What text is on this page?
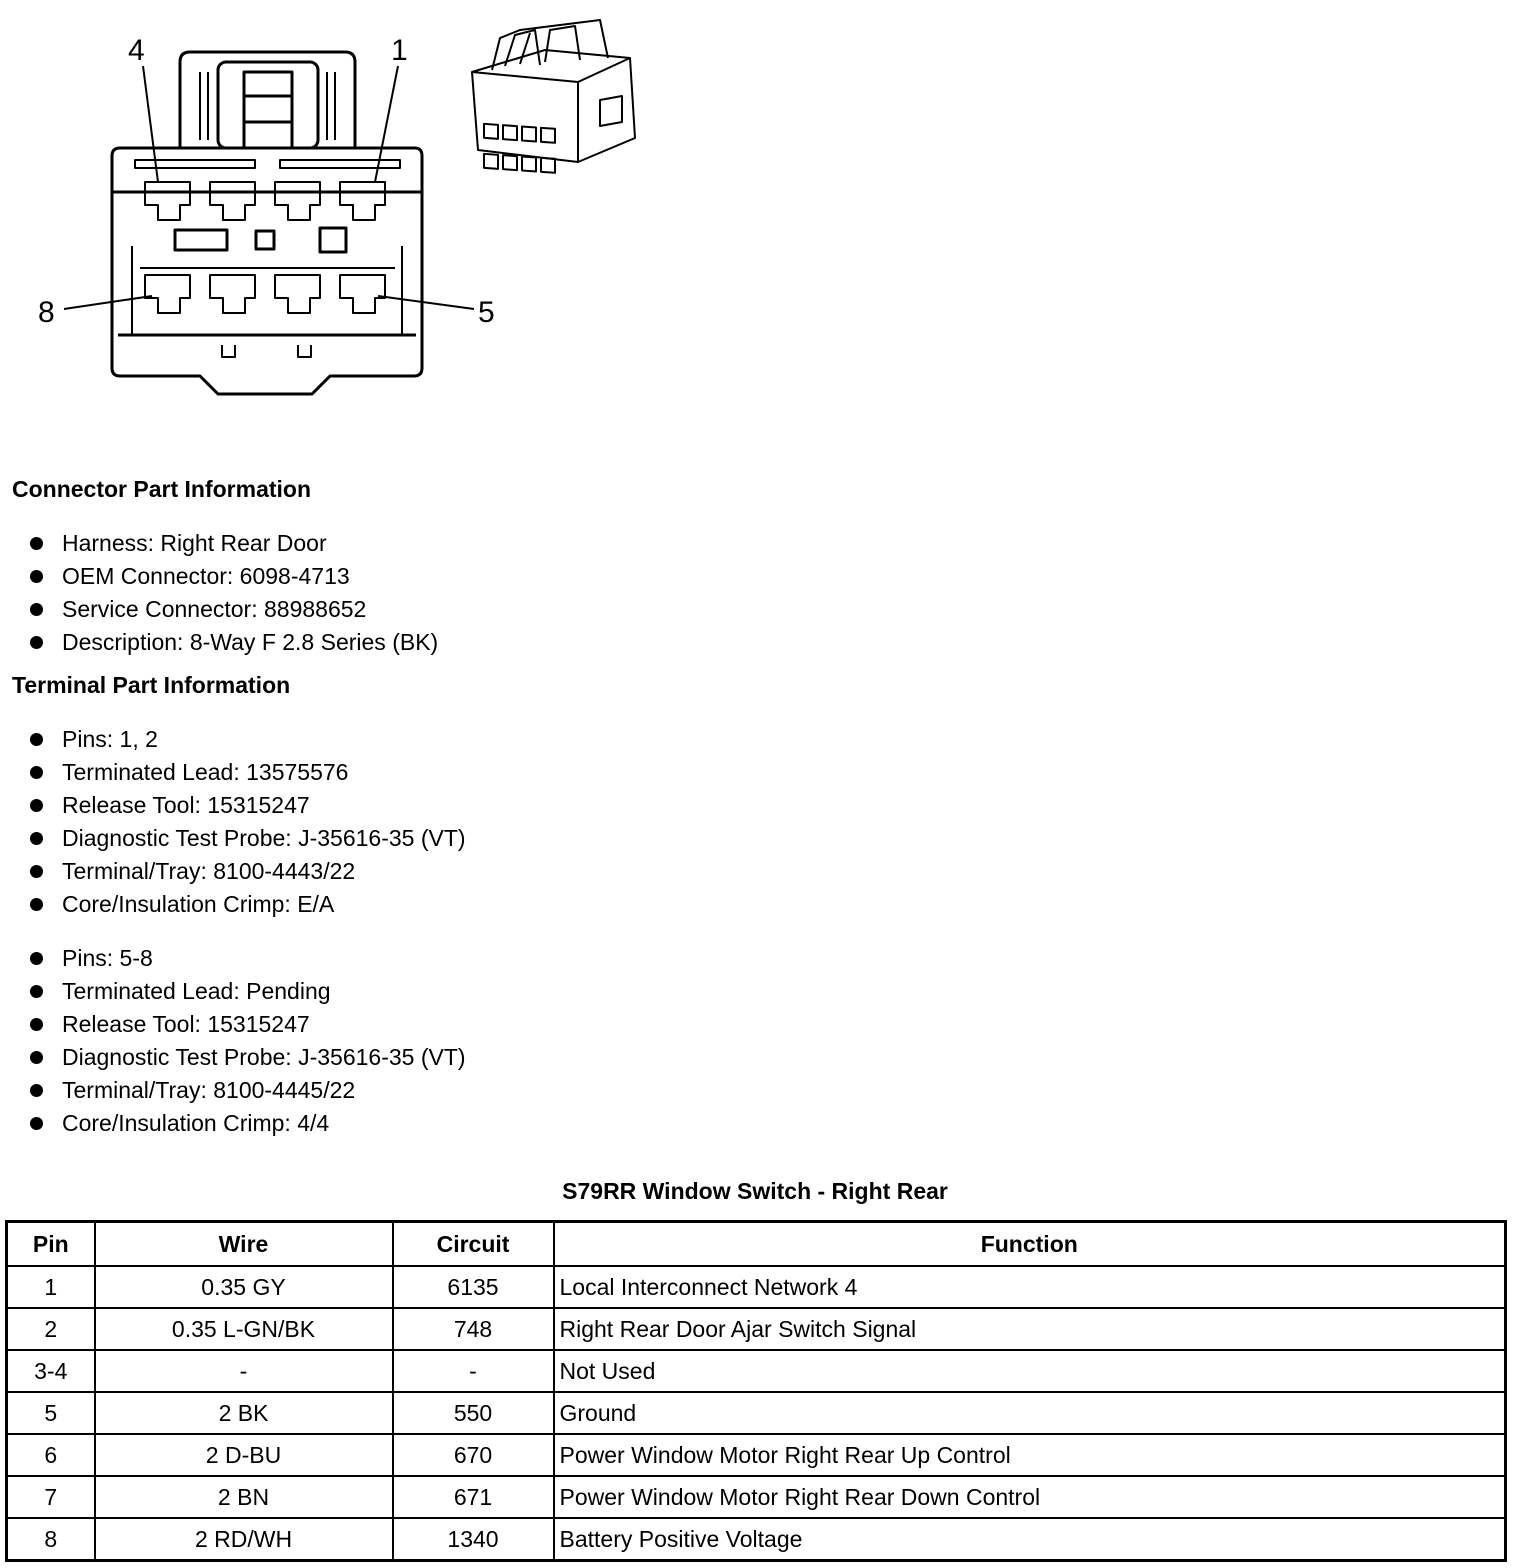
4	1
8	5
Connector Part Information
Harness: Right Rear Door
OEM Connector: 6098-4713
Service Connector: 88988652
Description: 8-Way F 2.8 Series (BK)
Terminal Part Information
Pins: 1, 2
Terminated Lead: 13575576
Release Tool: 15315247
Diagnostic Test Probe: J-35616-35 (VT)
Terminal/Tray: 8100-4443/22
Core/Insulation Crimp: E/A
Pins: 5-8
Terminated Lead: Pending
Release Tool: 15315247
Diagnostic Test Probe: J-35616-35 (VT)
Terminal/Tray: 8100-4445/22
Core/Insulation Crimp: 4/4
S79RR Window Switch - Right Rear
Pin	Wire	Circuit	Function
1	0.35 GY	6135	Local Interconnect Network 4
2	0.35 L-GN/BK	748	Right Rear Door Ajar Switch Signal
3-4	-	-	Not Used
5	2 BK	550	Ground
6	2 D-BU	670	Power Window Motor Right Rear Up Control
7	2 BN	671	Power Window Motor Right Rear Down Control
8	2 RD/WH	1340	Battery Positive Voltage
